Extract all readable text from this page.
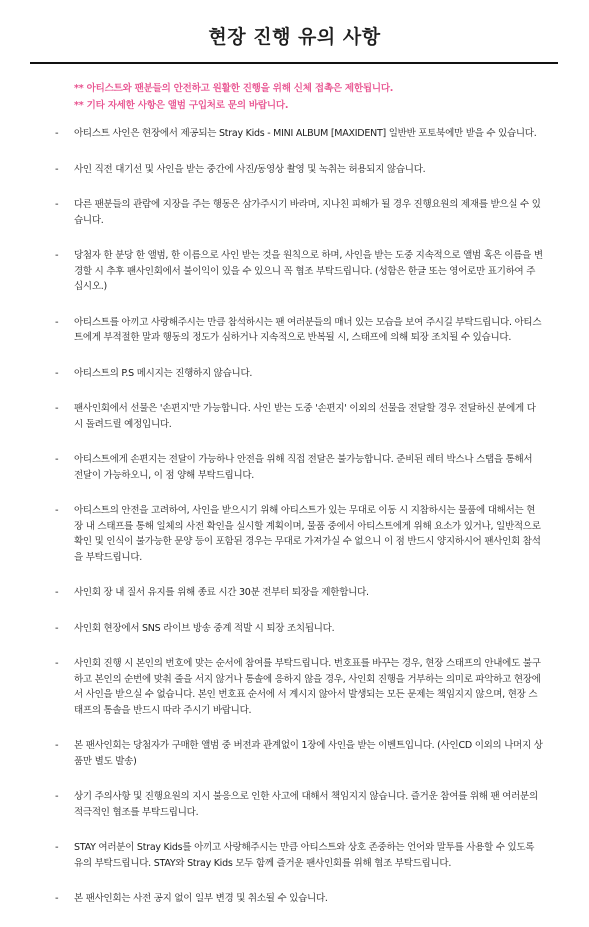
현장 진행 유의 사항
** 아티스트와 팬분들의 안전하고 원활한 진행을 위해 신체 접촉은 제한됩니다.
** 기타 자세한 사항은 앨범 구입처로 문의 바랍니다.
- 아티스트 사인은 현장에서 제공되는 Stray Kids - MINI ALBUM [MAXIDENT] 일반반 포토북에만 받을 수 있습니다.
- 사인 직전 대기선 및 사인을 받는 중간에 사진/동영상 촬영 및 녹취는 허용되지 않습니다.
- 다른 팬분들의 관람에 지장을 주는 행동은 삼가주시기 바라며, 지나친 피해가 될 경우 진행요원의 제재를 받으실 수 있습니다.
- 당첨자 한 분당 한 앨범, 한 이름으로 사인 받는 것을 원칙으로 하며, 사인을 받는 도중 지속적으로 앨범 혹은 이름을 변경할 시 추후 팬사인회에서 불이익이 있을 수 있으니 꼭 협조 부탁드립니다. (성함은 한글 또는 영어로만 표기하여 주십시오.)
- 아티스트를 아끼고 사랑해주시는 만큼 참석하시는 팬 여러분들의 매너 있는 모습을 보여 주시길 부탁드립니다. 아티스트에게 부적절한 말과 행동의 정도가 심하거나 지속적으로 반복될 시, 스태프에 의해 퇴장 조치될 수 있습니다.
- 아티스트의 P.S 메시지는 진행하지 않습니다.
- 팬사인회에서 선물은 '손편지'만 가능합니다. 사인 받는 도중 '손편지' 이외의 선물을 전달할 경우 전달하신 분에게 다시 돌려드릴 예정입니다.
- 아티스트에게 손편지는 전달이 가능하나 안전을 위해 직접 전달은 불가능합니다. 준비된 레터 박스나 스탭을 통해서 전달이 가능하오니, 이 점 양해 부탁드립니다.
- 아티스트의 안전을 고려하여, 사인을 받으시기 위해 아티스트가 있는 무대로 이동 시 지참하시는 물품에 대해서는 현장 내 스태프를 통해 일체의 사전 확인을 실시할 계획이며, 물품 중에서 아티스트에게 위해 요소가 있거나, 일반적으로 확인 및 인식이 불가능한 문양 등이 포함된 경우는 무대로 가져가실 수 없으니 이 점 반드시 양지하시어 팬사인회 참석을 부탁드립니다.
- 사인회 장 내 질서 유지를 위해 종료 시간 30분 전부터 퇴장을 제한합니다.
- 사인회 현장에서 SNS 라이브 방송 중계 적발 시 퇴장 조치됩니다.
- 사인회 진행 시 본인의 번호에 맞는 순서에 참여를 부탁드립니다. 번호표를 바꾸는 경우, 현장 스태프의 안내에도 불구하고 본인의 순번에 맞춰 줄을 서지 않거나 통솔에 응하지 않을 경우, 사인회 진행을 거부하는 의미로 파악하고 현장에서 사인을 받으실 수 없습니다. 본인 번호표 순서에 서 계시지 않아서 발생되는 모든 문제는 책임지지 않으며, 현장 스태프의 통솔을 반드시 따라 주시기 바랍니다.
- 본 팬사인회는 당첨자가 구매한 앨범 중 버전과 관계없이 1장에 사인을 받는 이벤트입니다. (사인CD 이외의 나머지 상품만 별도 발송)
- 상기 주의사항 및 진행요원의 지시 불응으로 인한 사고에 대해서 책임지지 않습니다. 즐거운 참여를 위해 팬 여러분의 적극적인 협조를 부탁드립니다.
- STAY 여러분이 Stray Kids를 아끼고 사랑해주시는 만큼 아티스트와 상호 존중하는 언어와 말투를 사용할 수 있도록 유의 부탁드립니다. STAY와 Stray Kids 모두 함께 즐거운 팬사인회를 위해 협조 부탁드립니다.
- 본 팬사인회는 사전 공지 없이 일부 변경 및 취소될 수 있습니다.
